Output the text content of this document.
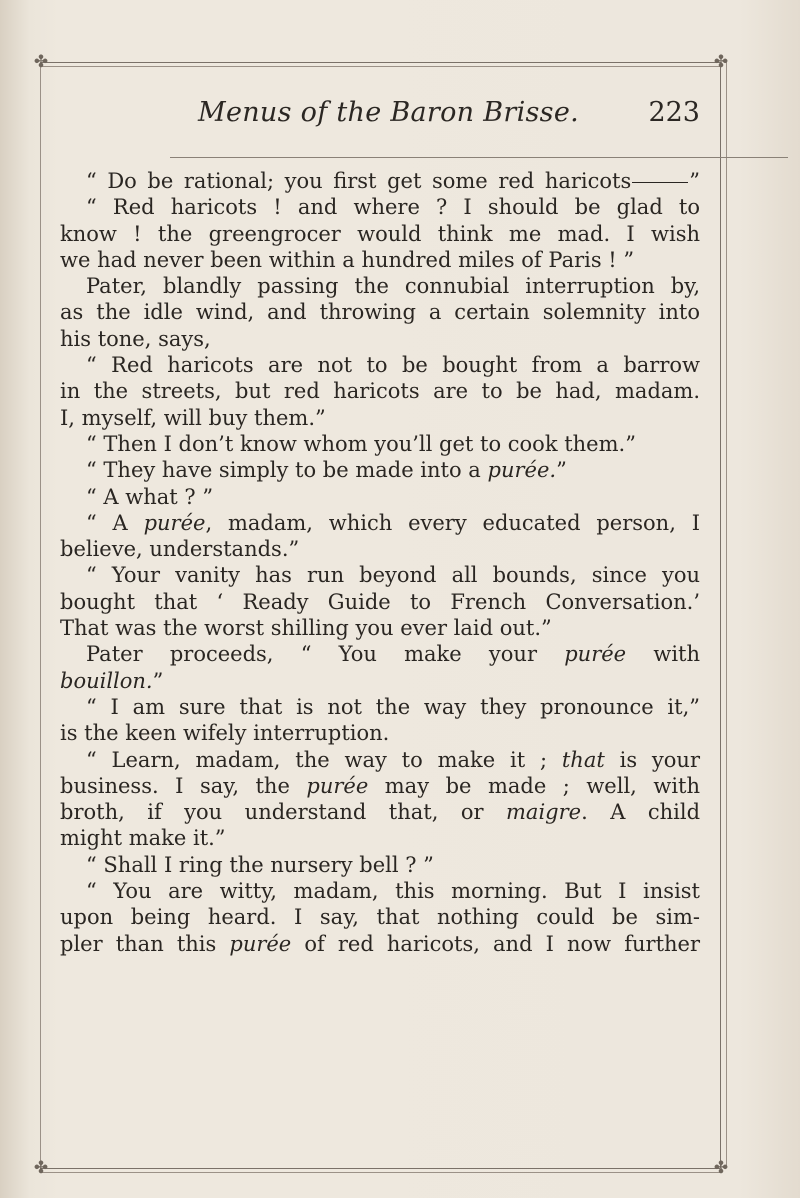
✤	✤
✤	✤
Menus of the Baron Brisse.	223
“ Do be rational; you first get some red haricots	”
“ Red haricots ! and where ? I should be glad to
know ! the greengrocer would think me mad. I wish
we had never been within a hundred miles of Paris ! ”
Pater, blandly passing the connubial interruption by,
as the idle wind, and throwing a certain solemnity into
his tone, says,
“ Red haricots are not to be bought from a barrow
in the streets, but red haricots are to be had, madam.
I, myself, will buy them.”
“ Then I don’t know whom you’ll get to cook them.”
“ They have simply to be made into a purée.”
“ A what ? ”
“ A purée, madam, which every educated person, I
believe, understands.”
“ Your vanity has run beyond all bounds, since you
bought that ‘ Ready Guide to French Conversation.’
That was the worst shilling you ever laid out.”
Pater proceeds, “ You make your purée with
bouillon.”
“ I am sure that is not the way they pronounce it,”
is the keen wifely interruption.
“ Learn, madam, the way to make it ; that is your
business. I say, the purée may be made ; well, with
broth, if you understand that, or maigre. A child
might make it.”
“ Shall I ring the nursery bell ? ”
“ You are witty, madam, this morning. But I insist
upon being heard. I say, that nothing could be sim-
pler than this purée of red haricots, and I now further
